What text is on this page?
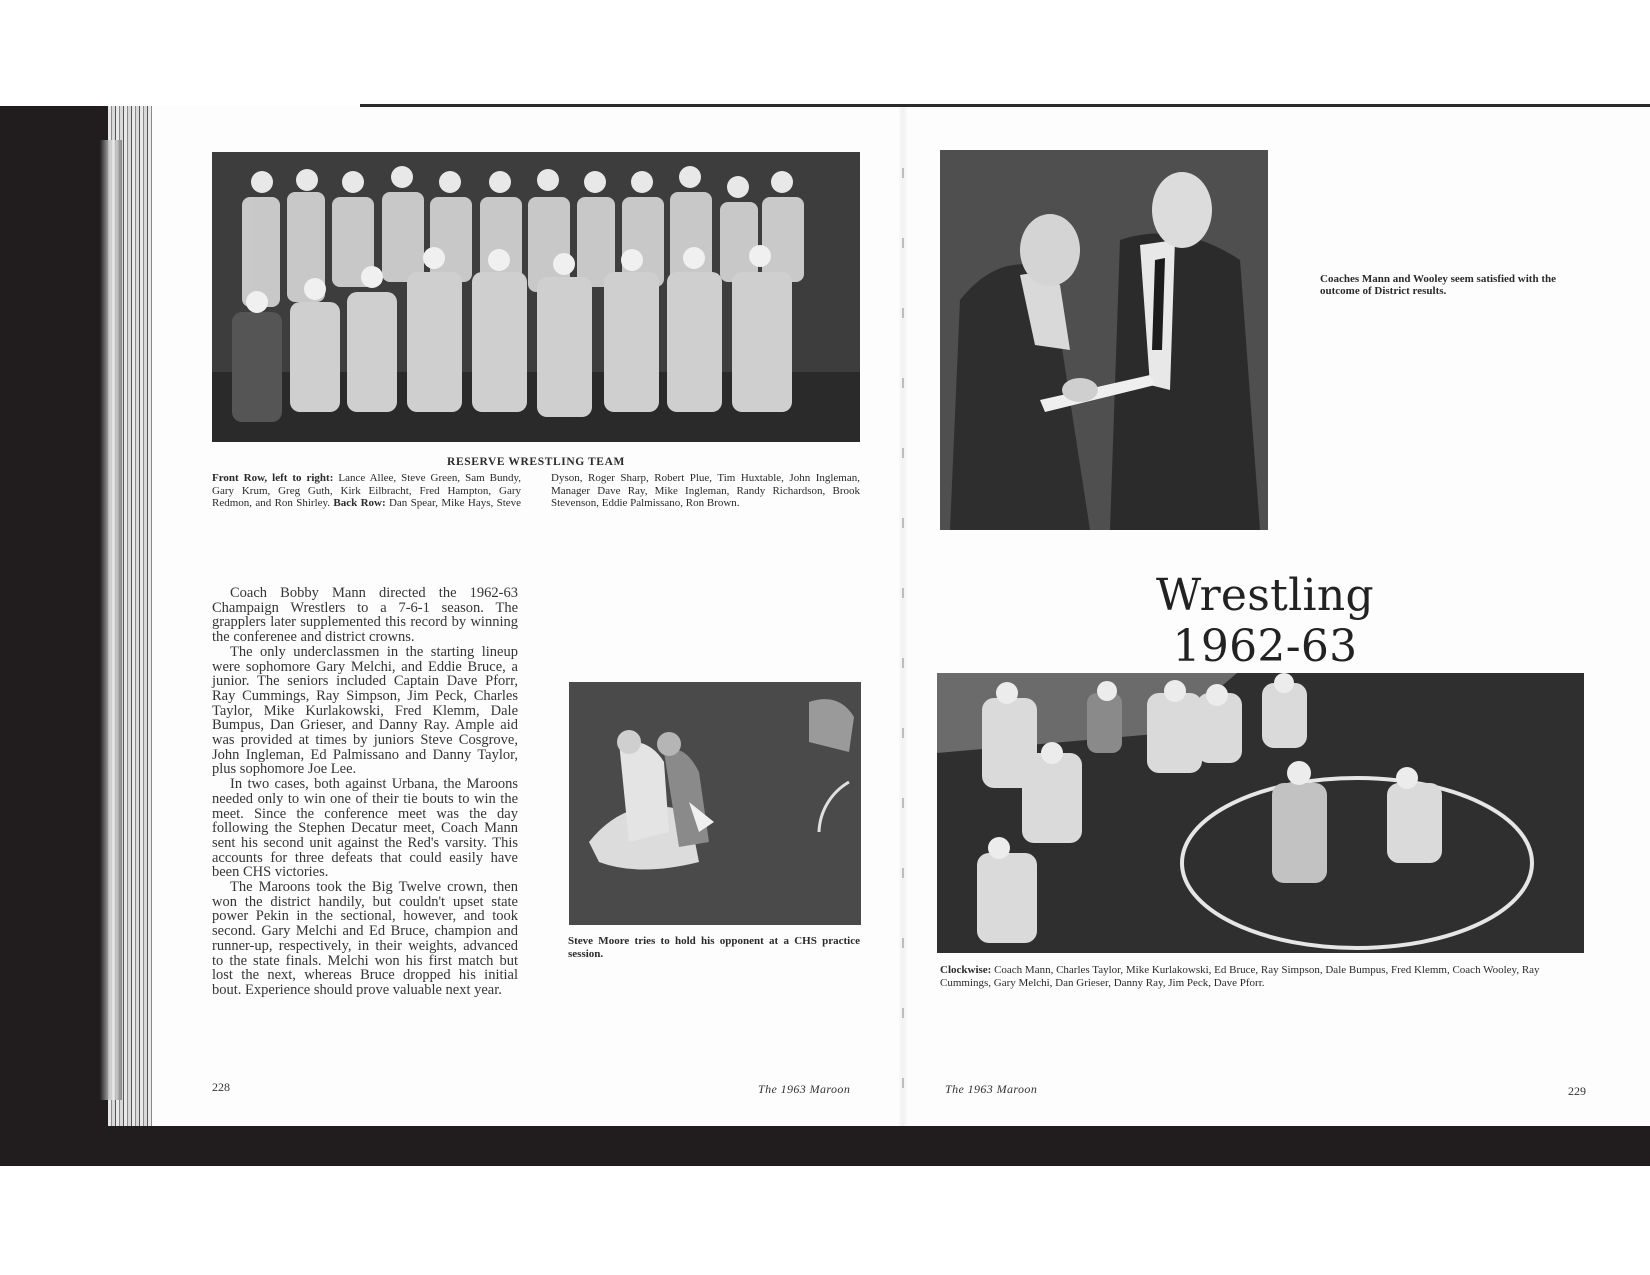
RESERVE WRESTLING TEAM
Front Row, left to right: Lance Allee, Steve Green, Sam Bundy, Gary Krum, Greg Guth, Kirk Eilbracht, Fred Hampton, Gary Redmon, and Ron Shirley. Back Row: Dan Spear, Mike Hays, Steve Dyson, Roger Sharp, Robert Plue, Tim Huxtable, John Ingleman, Manager Dave Ray, Mike Ingleman, Randy Richardson, Brook Stevenson, Eddie Palmissano, Ron Brown.

Coach Bobby Mann directed the 1962-63 Champaign Wrestlers to a 7-6-1 season. The grapplers later supplemented this record by winning the conferenee and district crowns.

The only underclassmen in the starting lineup were sophomore Gary Melchi, and Eddie Bruce, a junior. The seniors included Captain Dave Pforr, Ray Cummings, Ray Simpson, Jim Peck, Charles Taylor, Mike Kurlakowski, Fred Klemm, Dale Bumpus, Dan Grieser, and Danny Ray. Ample aid was provided at times by juniors Steve Cosgrove, John Ingleman, Ed Palmissano and Danny Taylor, plus sophomore Joe Lee.

In two cases, both against Urbana, the Maroons needed only to win one of their tie bouts to win the meet. Since the conference meet was the day following the Stephen Decatur meet, Coach Mann sent his second unit against the Red's varsity. This accounts for three defeats that could easily have been CHS victories.

The Maroons took the Big Twelve crown, then won the district handily, but couldn't upset state power Pekin in the sectional, however, and took second. Gary Melchi and Ed Bruce, champion and runner-up, respectively, in their weights, advanced to the state finals. Melchi won his first match but lost the next, whereas Bruce dropped his initial bout. Experience should prove valuable next year.

Steve Moore tries to hold his opponent at a CHS practice session.
228	The 1963 Maroon
Coaches Mann and Wooley seem satisfied with the outcome of District results.
Wrestling 1962-63
Clockwise: Coach Mann, Charles Taylor, Mike Kurlakowski, Ed Bruce, Ray Simpson, Dale Bumpus, Fred Klemm, Coach Wooley, Ray Cummings, Gary Melchi, Dan Grieser, Danny Ray, Jim Peck, Dave Pforr.
The 1963 Maroon	229
